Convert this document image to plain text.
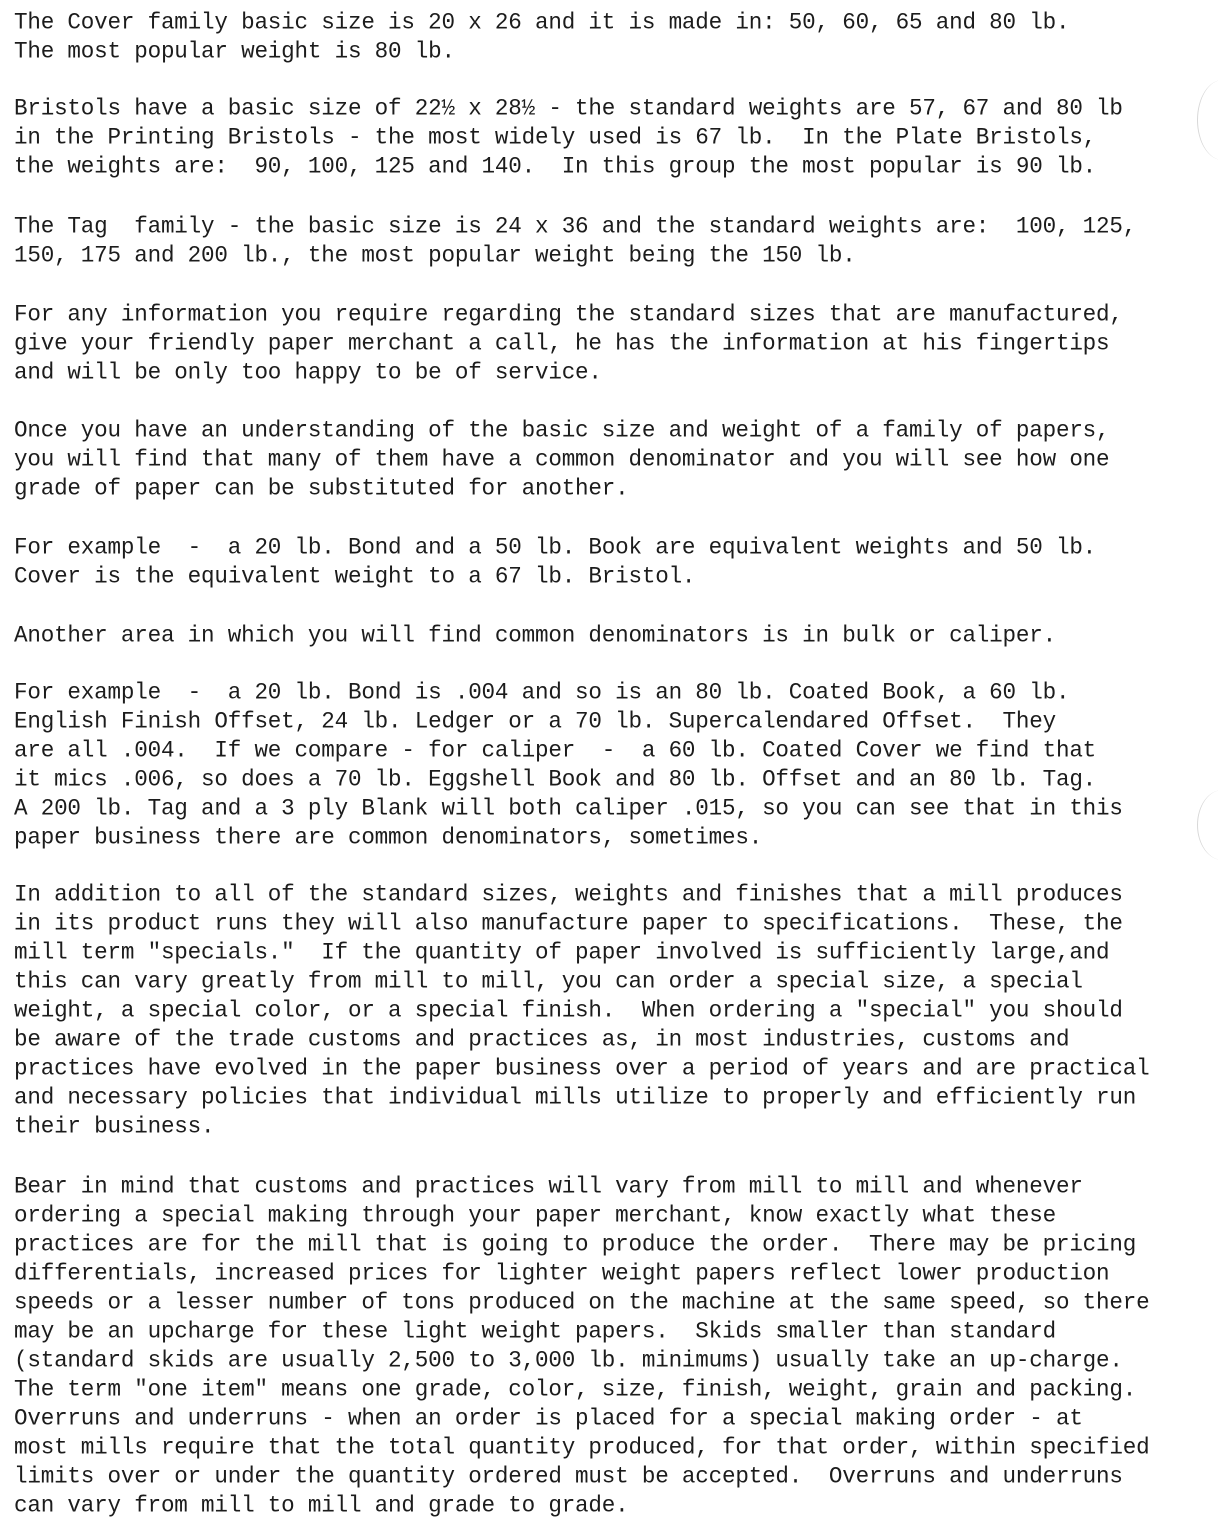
The Cover family basic size is 20 x 26 and it is made in: 50, 60, 65 and 80 lb.
The most popular weight is 80 lb.
Bristols have a basic size of 22½ x 28½ - the standard weights are 57, 67 and 80 lb
in the Printing Bristols - the most widely used is 67 lb.  In the Plate Bristols,
the weights are:  90, 100, 125 and 140.  In this group the most popular is 90 lb.
The Tag  family - the basic size is 24 x 36 and the standard weights are:  100, 125,
150, 175 and 200 lb., the most popular weight being the 150 lb.
For any information you require regarding the standard sizes that are manufactured,
give your friendly paper merchant a call, he has the information at his fingertips
and will be only too happy to be of service.
Once you have an understanding of the basic size and weight of a family of papers,
you will find that many of them have a common denominator and you will see how one
grade of paper can be substituted for another.
For example  -  a 20 lb. Bond and a 50 lb. Book are equivalent weights and 50 lb.
Cover is the equivalent weight to a 67 lb. Bristol.
Another area in which you will find common denominators is in bulk or caliper.
For example  -  a 20 lb. Bond is .004 and so is an 80 lb. Coated Book, a 60 lb.
English Finish Offset, 24 lb. Ledger or a 70 lb. Supercalendared Offset.  They
are all .004.  If we compare - for caliper  -  a 60 lb. Coated Cover we find that
it mics .006, so does a 70 lb. Eggshell Book and 80 lb. Offset and an 80 lb. Tag.
A 200 lb. Tag and a 3 ply Blank will both caliper .015, so you can see that in this
paper business there are common denominators, sometimes.
In addition to all of the standard sizes, weights and finishes that a mill produces
in its product runs they will also manufacture paper to specifications.  These, the
mill term "specials."  If the quantity of paper involved is sufficiently large,and
this can vary greatly from mill to mill, you can order a special size, a special
weight, a special color, or a special finish.  When ordering a "special" you should
be aware of the trade customs and practices as, in most industries, customs and
practices have evolved in the paper business over a period of years and are practical
and necessary policies that individual mills utilize to properly and efficiently run
their business.
Bear in mind that customs and practices will vary from mill to mill and whenever
ordering a special making through your paper merchant, know exactly what these
practices are for the mill that is going to produce the order.  There may be pricing
differentials, increased prices for lighter weight papers reflect lower production
speeds or a lesser number of tons produced on the machine at the same speed, so there
may be an upcharge for these light weight papers.  Skids smaller than standard
(standard skids are usually 2,500 to 3,000 lb. minimums) usually take an up-charge.
The term "one item" means one grade, color, size, finish, weight, grain and packing.
Overruns and underruns - when an order is placed for a special making order - at
most mills require that the total quantity produced, for that order, within specified
limits over or under the quantity ordered must be accepted.  Overruns and underruns
can vary from mill to mill and grade to grade.
